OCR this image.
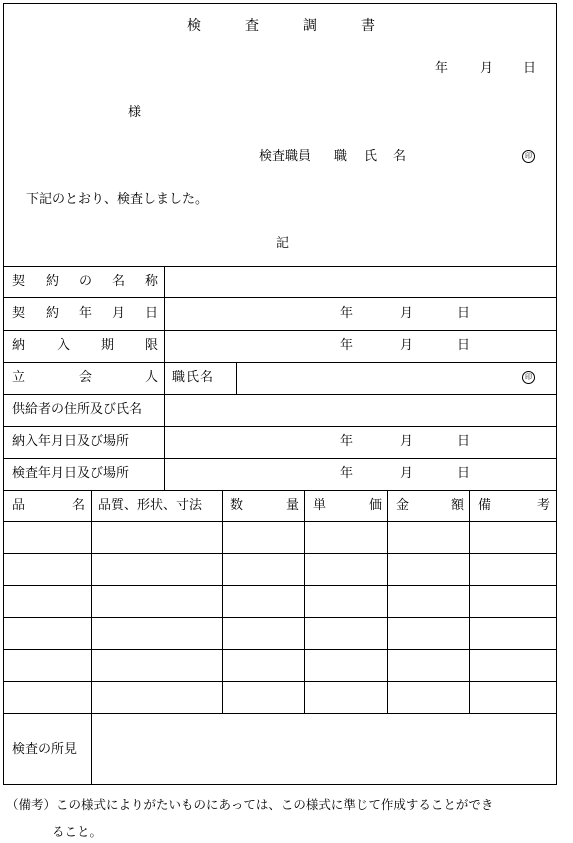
検	査	調	書
年 月 日
様
検査職員 職 氏 名	印
下記のとおり、検査しました。
記
契 約 の 名 称
契 約 年 月 日	年	月	日
納 入 期 限	年	月	日
立	会	人 職氏名	印
供給者の住所及び氏名
納入年月日及び場所	年	月	日
検査年月日及び場所	年	月	日
品	名 品質、形状、寸法 数	量 単	価 金	額 備	考
検査の所見
（備考）この様式によりがたいものにあっては、この様式に準じて作成することができ
ること。
